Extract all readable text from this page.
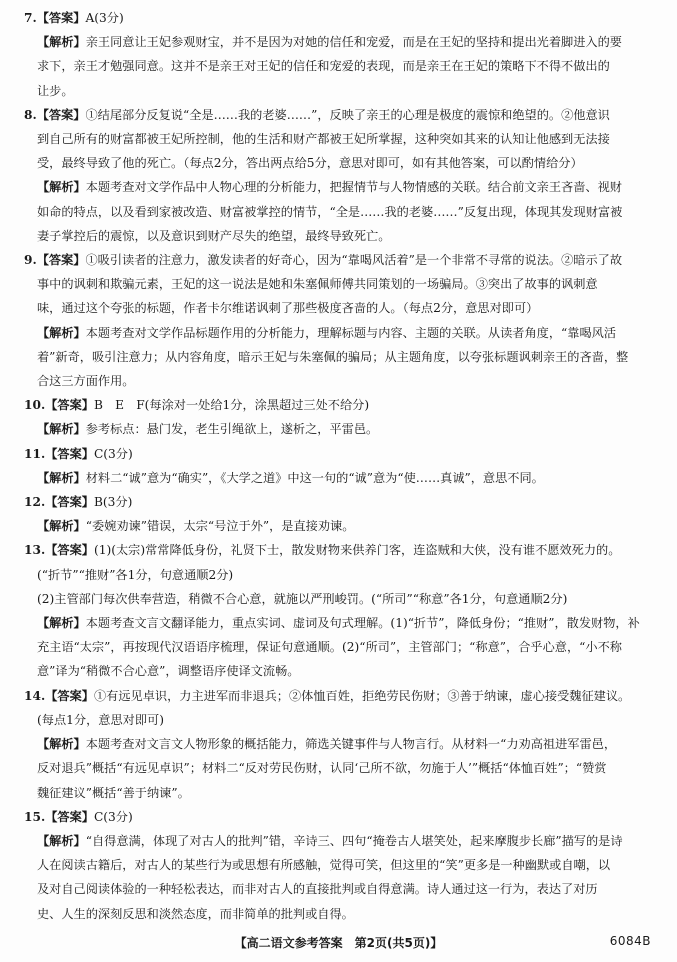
7.【答案】A(3分)
【解析】亲王同意让王妃参观财宝，并不是因为对她的信任和宠爱，而是在王妃的坚持和提出光着脚进入的要
求下，亲王才勉强同意。这并不是亲王对王妃的信任和宠爱的表现，而是亲王在王妃的策略下不得不做出的
让步。
8.【答案】①结尾部分反复说“全是……我的老婆……”，反映了亲王的心理是极度的震惊和绝望的。②他意识
到自己所有的财富都被王妃所控制，他的生活和财产都被王妃所掌握，这种突如其来的认知让他感到无法接
受，最终导致了他的死亡。（每点2分，答出两点给5分，意思对即可，如有其他答案，可以酌情给分）
【解析】本题考查对文学作品中人物心理的分析能力，把握情节与人物情感的关联。结合前文亲王吝啬、视财
如命的特点，以及看到家被改造、财富被掌控的情节，“全是……我的老婆……”反复出现，体现其发现财富被
妻子掌控后的震惊，以及意识到财产尽失的绝望，最终导致死亡。
9.【答案】①吸引读者的注意力，激发读者的好奇心，因为“靠喝风活着”是一个非常不寻常的说法。②暗示了故
事中的讽刺和欺骗元素，王妃的这一说法是她和朱塞佩师傅共同策划的一场骗局。③突出了故事的讽刺意
味，通过这个夸张的标题，作者卡尔维诺讽刺了那些极度吝啬的人。（每点2分，意思对即可）
【解析】本题考查对文学作品标题作用的分析能力，理解标题与内容、主题的关联。从读者角度，“靠喝风活
着”新奇，吸引注意力；从内容角度，暗示王妃与朱塞佩的骗局；从主题角度，以夸张标题讽刺亲王的吝啬，整
合这三方面作用。
10.【答案】B　E　F(每涂对一处给1分，涂黑超过三处不给分)
【解析】参考标点：悬门发，老生引绳欲上，遂析之，平雷邑。
11.【答案】C(3分)
【解析】材料二“诚”意为“确实”，《大学之道》中这一句的“诚”意为“使……真诚”，意思不同。
12.【答案】B(3分)
【解析】“委婉劝谏”错误，太宗“号泣于外”，是直接劝谏。
13.【答案】(1)(太宗)常常降低身份，礼贤下士，散发财物来供养门客，连盗贼和大侠，没有谁不愿效死力的。
(“折节”“推财”各1分，句意通顺2分)
(2)主管部门每次供奉营造，稍微不合心意，就施以严刑峻罚。(“所司”“称意”各1分，句意通顺2分)
【解析】本题考查文言文翻译能力，重点实词、虚词及句式理解。(1)“折节”，降低身份；“推财”，散发财物，补
充主语“太宗”，再按现代汉语语序梳理，保证句意通顺。(2)“所司”，主管部门；“称意”，合乎心意，“小不称
意”译为“稍微不合心意”，调整语序使译文流畅。
14.【答案】①有远见卓识，力主进军而非退兵；②体恤百姓，拒绝劳民伤财；③善于纳谏，虚心接受魏征建议。
(每点1分，意思对即可)
【解析】本题考查对文言文人物形象的概括能力，筛选关键事件与人物言行。从材料一“力劝高祖进军雷邑，
反对退兵”概括“有远见卓识”；材料二“反对劳民伤财，认同‘己所不欲，勿施于人’”概括“体恤百姓”；“赞赏
魏征建议”概括“善于纳谏”。
15.【答案】C(3分)
【解析】“自得意满，体现了对古人的批判”错，辛诗三、四句“掩卷古人堪笑处，起来摩腹步长廊”描写的是诗
人在阅读古籍后，对古人的某些行为或思想有所感触，觉得可笑，但这里的“笑”更多是一种幽默或自嘲，以
及对自己阅读体验的一种轻松表达，而非对古人的直接批判或自得意满。诗人通过这一行为，表达了对历
史、人生的深刻反思和淡然态度，而非简单的批判或自得。
【高二语文参考答案　第2页(共5页)】	6084B
